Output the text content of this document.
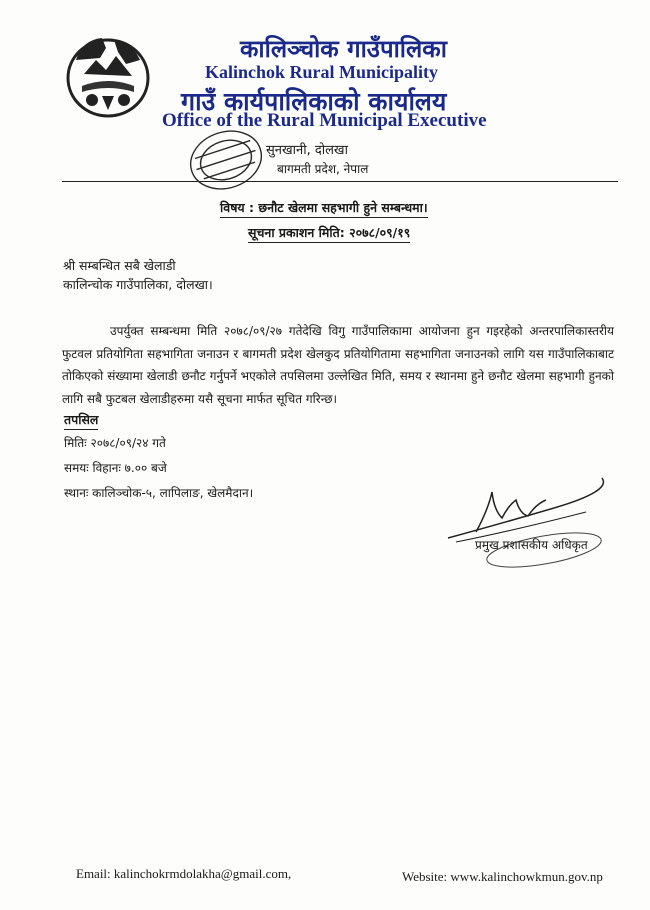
कालिञ्चोक गाउँपालिका
Kalinchok Rural Municipality
गाउँ कार्यपालिकाको कार्यालय
Office of the Rural Municipal Executive
सुनखानी, दोलखा
बागमती प्रदेश, नेपाल
विषय : छनौट खेलमा सहभागी हुने सम्बन्धमा।
सूचना प्रकाशन मिति: २०७८/०९/१९
श्री सम्बन्धित सबै खेलाडी
कालिन्चोक गाउँपालिका, दोलखा।
उपर्युक्त सम्बन्धमा मिति २०७८/०९/२७ गतेदेखि विगु गाउँपालिकामा आयोजना हुन गइरहेको अन्तरपालिकास्तरीय फुटवल प्रतियोगिता सहभागिता जनाउन र बागमती प्रदेश खेलकुद प्रतियोगितामा सहभागिता जनाउनको लागि यस गाउँपालिकाबाट तोकिएको संख्यामा खेलाडी छनौट गर्नुपर्ने भएकोले तपसिलमा उल्लेखित मिति, समय र स्थानमा हुने छनौट खेलमा सहभागी हुनको लागि सबै फुटबल खेलाडीहरुमा यसै सूचना मार्फत सूचित गरिन्छ।
तपसिल
मितिः २०७८/०९/२४ गते
समयः विहानः ७.०० बजे
स्थानः कालिञ्चोक-५, लापिलाङ, खेलमैदान।
प्रमुख प्रशासकीय अधिकृत
Email: kalinchokrmdolakha@gmail.com,	Website: www.kalinchowkmun.gov.np
